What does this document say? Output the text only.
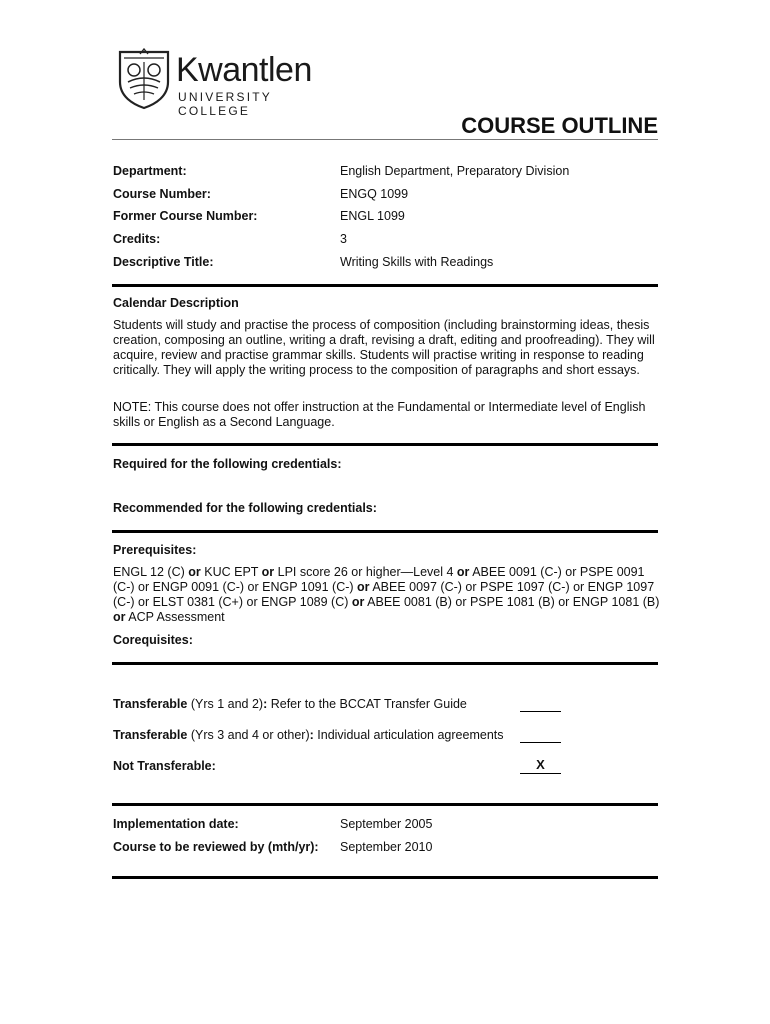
Kwantlen
UNIVERSITY COLLEGE
COURSE OUTLINE
Department:	English Department, Preparatory Division
Course Number:	ENGQ 1099
Former Course Number:	ENGL 1099
Credits:	3
Descriptive Title:	Writing Skills with Readings
Calendar Description
Students will study and practise the process of composition (including brainstorming ideas, thesis creation, composing an outline, writing a draft, revising a draft, editing and proofreading). They will acquire, review and practise grammar skills. Students will practise writing in response to reading critically. They will apply the writing process to the composition of paragraphs and short essays.
NOTE: This course does not offer instruction at the Fundamental or Intermediate level of English skills or English as a Second Language.
Required for the following credentials:
Recommended for the following credentials:
Prerequisites:
ENGL 12 (C) or KUC EPT or LPI score 26 or higher—Level 4 or ABEE 0091 (C-) or PSPE 0091 (C-) or ENGP 0091 (C-) or ENGP 1091 (C-) or ABEE 0097 (C-) or PSPE 1097 (C-) or ENGP 1097 (C-) or ELST 0381 (C+) or ENGP 1089 (C) or ABEE 0081 (B) or PSPE 1081 (B) or ENGP 1081 (B) or ACP Assessment
Corequisites:
Transferable (Yrs 1 and 2): Refer to the BCCAT Transfer Guide
Transferable (Yrs 3 and 4 or other): Individual articulation agreements
Not Transferable:	X
Implementation date:	September 2005
Course to be reviewed by (mth/yr): September 2010
